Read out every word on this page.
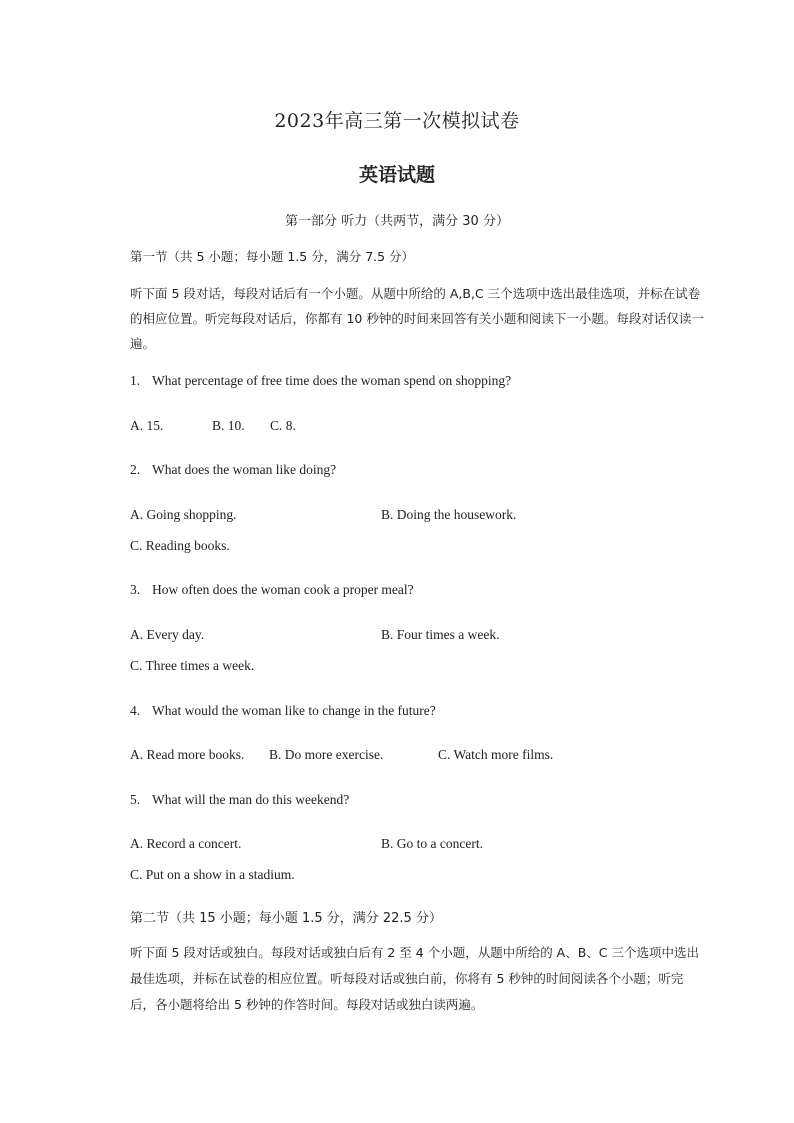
2023年高三第一次模拟试卷
英语试题
第一部分 听力（共两节，满分 30 分）
第一节（共 5 小题；每小题 1.5 分，满分 7.5 分）
听下面 5 段对话，每段对话后有一个小题。从题中所给的 A,B,C 三个选项中选出最佳选项，并标在试卷的相应位置。听完每段对话后，你都有 10 秒钟的时间来回答有关小题和阅读下一小题。每段对话仅读一遍。
1. What percentage of free time does the woman spend on shopping?
A. 15.	B. 10. C. 8.
2. What does the woman like doing?
A. Going shopping.	B. Doing the housework.
C. Reading books.
3. How often does the woman cook a proper meal?
A. Every day.	B. Four times a week.
C. Three times a week.
4. What would the woman like to change in the future?
A. Read more books. B. Do more exercise.	C. Watch more films.
5. What will the man do this weekend?
A. Record a concert.	B. Go to a concert.
C. Put on a show in a stadium.
第二节（共 15 小题；每小题 1.5 分，满分 22.5 分）
听下面 5 段对话或独白。每段对话或独白后有 2 至 4 个小题，从题中所给的 A、B、C 三个选项中选出最佳选项，并标在试卷的相应位置。听每段对话或独白前，你将有 5 秒钟的时间阅读各个小题；听完后，各小题将给出 5 秒钟的作答时间。每段对话或独白读两遍。
